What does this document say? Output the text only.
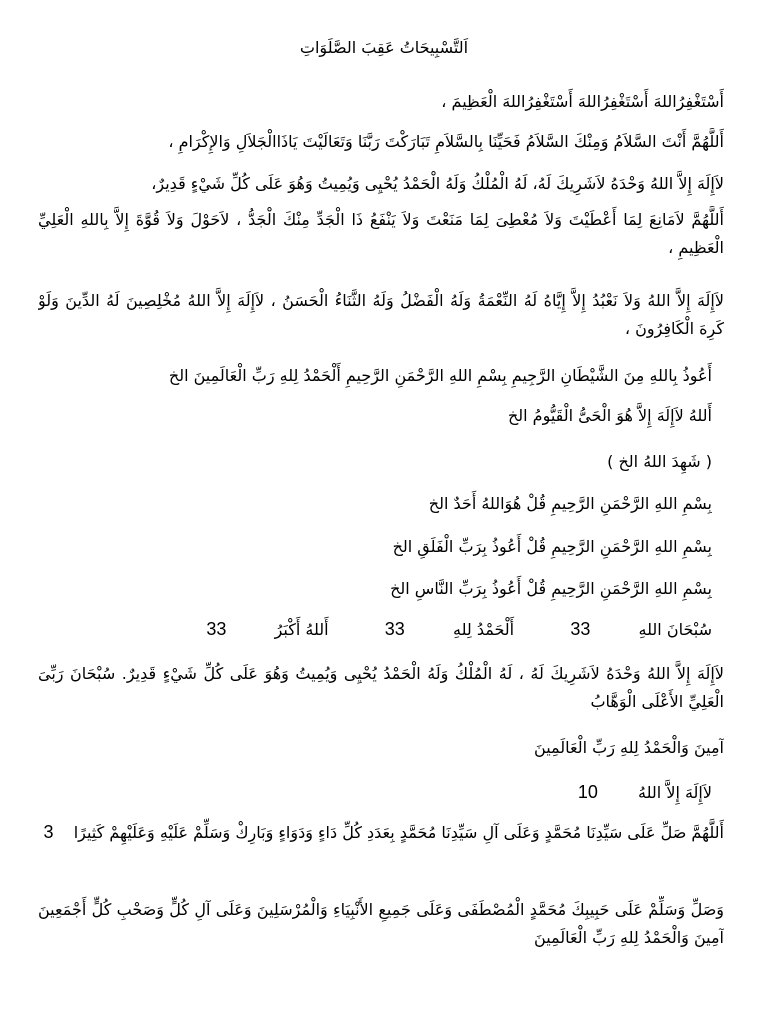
اَلتَّسْبِيحَاتُ عَقِبَ الصَّلَوَاتِ
أَسْتَغْفِرُاللهَ أَسْتَغْفِرُاللهَ أَسْتَغْفِرُاللهَ الْعَظِيمَ ،
أَللَّهُمَّ أَنْتَ السَّلاَمُ وَمِنْكَ السَّلاَمُ فَحَيِّنَا بِالسَّلاَمِ تَبَارَكْتَ رَبَّنَا وَتَعَالَيْتَ يَاذَاالْجَلاَلِ وَالإِكْرَامِ ،
لاَإِلَهَ إِلاَّ اللهُ وَحْدَهُ لاَشَرِيكَ لَهُ، لَهُ الْمُلْكُ وَلَهُ الْحَمْدُ يُحْيِى وَيُمِيتُ وَهُوَ عَلَى كُلِّ شَيْءٍ قَدِيرٌ،
أَللَّهُمَّ لاَمَانِعَ لِمَا أَعْطَيْتَ وَلاَ مُعْطِىَ لِمَا مَنَعْتَ وَلاَ يَنْفَعُ ذَا الْجَدِّ مِنْكَ الْجَدُّ ، لاَحَوْلَ وَلاَ قُوَّةَ إِلاَّ بِاللهِ الْعَلِيِّ الْعَظِيمِ ،
لاَإِلَهَ إِلاَّ اللهُ وَلاَ نَعْبُدُ إِلاَّ إِيَّاهُ لَهُ النِّعْمَةُ وَلَهُ الْفَضْلُ وَلَهُ الثَّنَاءُ الْحَسَنُ ، لاَإِلَهَ إِلاَّ اللهُ مُخْلِصِينَ لَهُ الدِّينَ وَلَوْ كَرِهَ الْكَافِرُونَ ،
أَعُوذُ بِاللهِ مِنَ الشَّيْطَانِ الرَّجِيمِ بِسْمِ اللهِ الرَّحْمَنِ الرَّحِيمِ أَلْحَمْدُ لِلهِ رَبِّ الْعَالَمِينَ الخ
أَللهُ لاَإِلَهَ إِلاَّ هُوَ الْحَىُّ الْقَيُّومُ الخ
( شَهِدَ اللهُ الخ )
بِسْمِ اللهِ الرَّحْمَنِ الرَّحِيمِ قُلْ هُوَاللهُ أَحَدٌ الخ
بِسْمِ اللهِ الرَّحْمَنِ الرَّحِيمِ قُلْ أَعُوذُ بِرَبِّ الْفَلَقِ الخ
بِسْمِ اللهِ الرَّحْمَنِ الرَّحِيمِ قُلْ أَعُوذُ بِرَبِّ النَّاسِ الخ
سُبْحَانَ اللهِ  33  أَلْحَمْدُ لِلهِ  33  أَللهُ أَكْبَرُ  33
لاَإِلَهَ إِلاَّ اللهُ وَحْدَهُ لاَشَرِيكَ لَهُ ، لَهُ الْمُلْكُ وَلَهُ الْحَمْدُ يُحْيِى وَيُمِيتُ وَهُوَ عَلَى كُلِّ شَيْءٍ قَدِيرٌ. سُبْحَانَ رَبِّىَ الْعَلِيِّ الأَعْلَى الْوَهَّابُ
آمِينَ وَالْحَمْدُ لِلهِ رَبِّ الْعَالَمِينَ
لاَإِلَهَ إِلاَّ اللهُ  10
أَللَّهُمَّ صَلِّ عَلَى سَيِّدِنَا مُحَمَّدٍ وَعَلَى آلِ سَيِّدِنَا مُحَمَّدٍ بِعَدَدِ كُلِّ دَاءٍ وَدَوَاءٍ وَبَارِكْ وَسَلِّمْ عَلَيْهِ وَعَلَيْهِمْ كَثِيرًا  3
وَصَلِّ وَسَلِّمْ عَلَى حَبِيبِكَ مُحَمَّدٍ الْمُصْطَفَى وَعَلَى جَمِيعِ الأَنْبِيَاءِ وَالْمُرْسَلِينَ وَعَلَى آلِ كُلٍّ وَصَحْبِ كُلٍّ أَجْمَعِينَ آمِينَ وَالْحَمْدُ لِلهِ رَبِّ الْعَالَمِينَ
